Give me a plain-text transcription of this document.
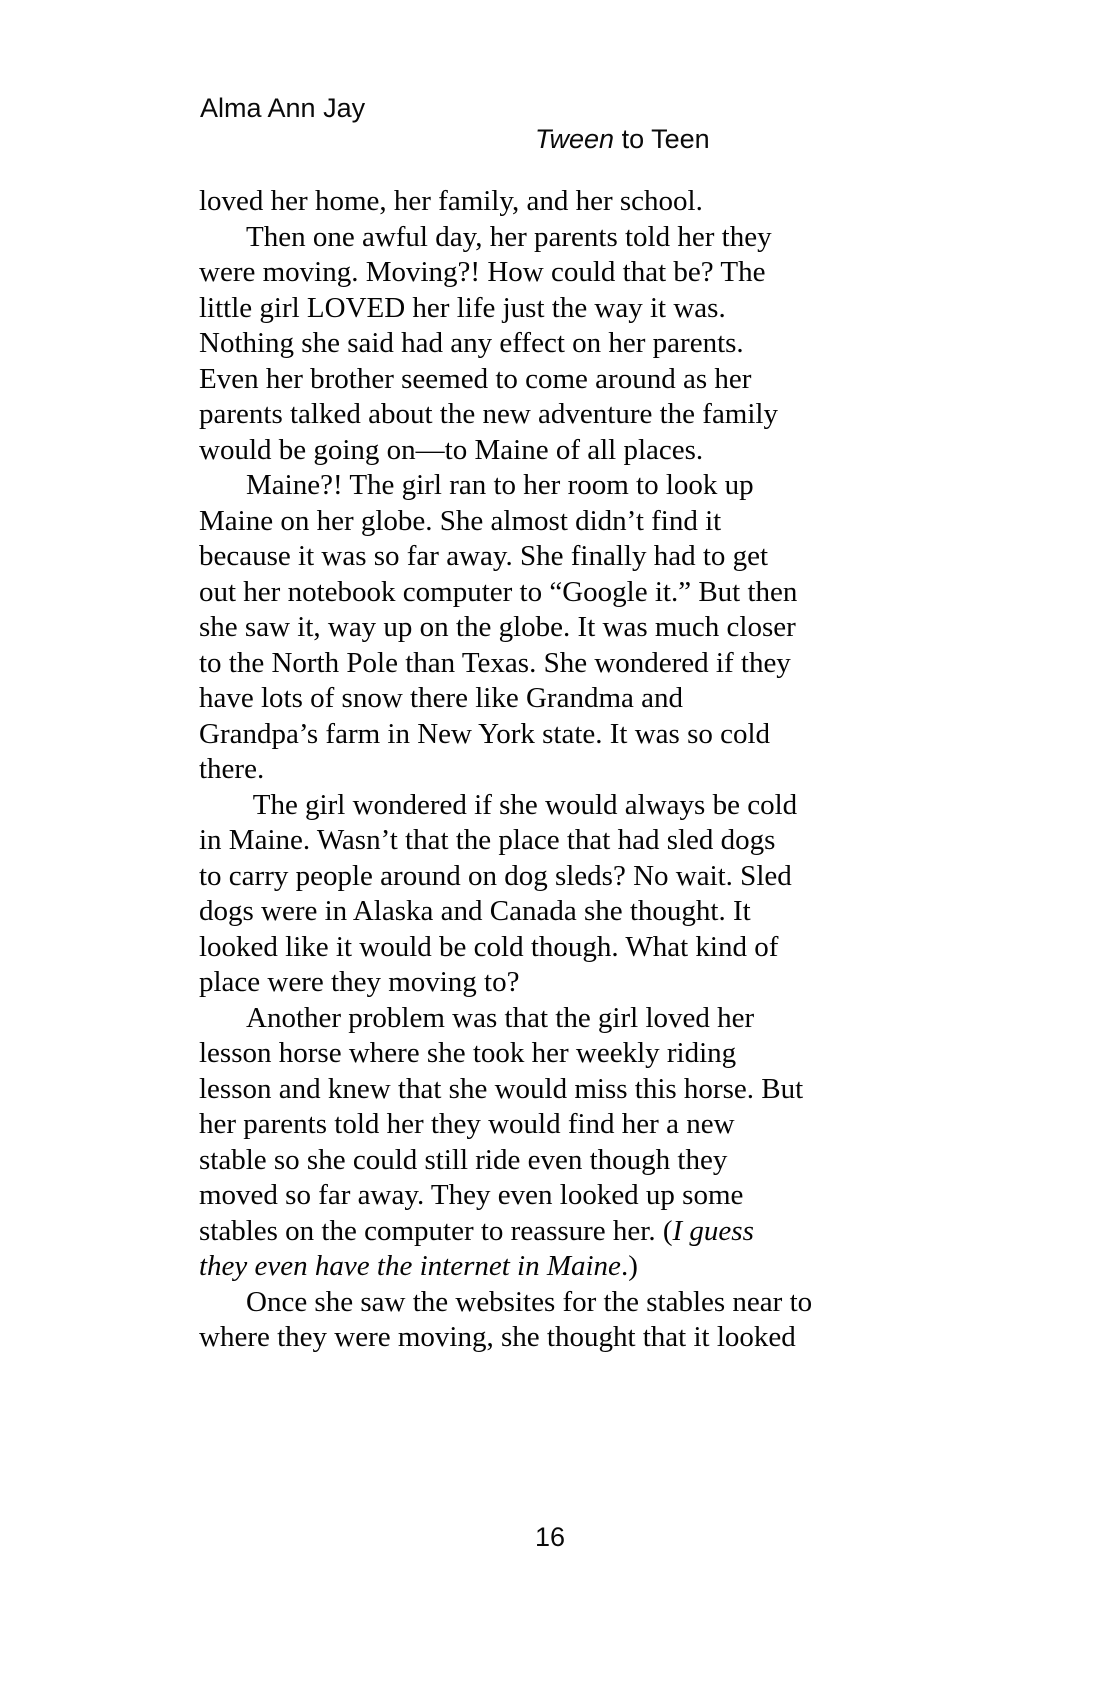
Alma Ann Jay

Tween to Teen

loved her home, her family, and her school.
Then one awful day, her parents told her they
were moving. Moving?! How could that be? The
little girl LOVED her life just the way it was.
Nothing she said had any effect on her parents.
Even her brother seemed to come around as her
parents talked about the new adventure the family
would be going on—to Maine of all places.
Maine?! The girl ran to her room to look up
Maine on her globe. She almost didn’t find it
because it was so far away. She finally had to get
out her notebook computer to “Google it.” But then
she saw it, way up on the globe. It was much closer
to the North Pole than Texas. She wondered if they
have lots of snow there like Grandma and
Grandpa’s farm in New York state. It was so cold
there.
The girl wondered if she would always be cold
in Maine. Wasn’t that the place that had sled dogs
to carry people around on dog sleds? No wait. Sled
dogs were in Alaska and Canada she thought. It
looked like it would be cold though. What kind of
place were they moving to?
Another problem was that the girl loved her
lesson horse where she took her weekly riding
lesson and knew that she would miss this horse. But
her parents told her they would find her a new
stable so she could still ride even though they
moved so far away. They even looked up some
stables on the computer to reassure her. (I guess
they even have the internet in Maine.)
Once she saw the websites for the stables near to
where they were moving, she thought that it looked
16
